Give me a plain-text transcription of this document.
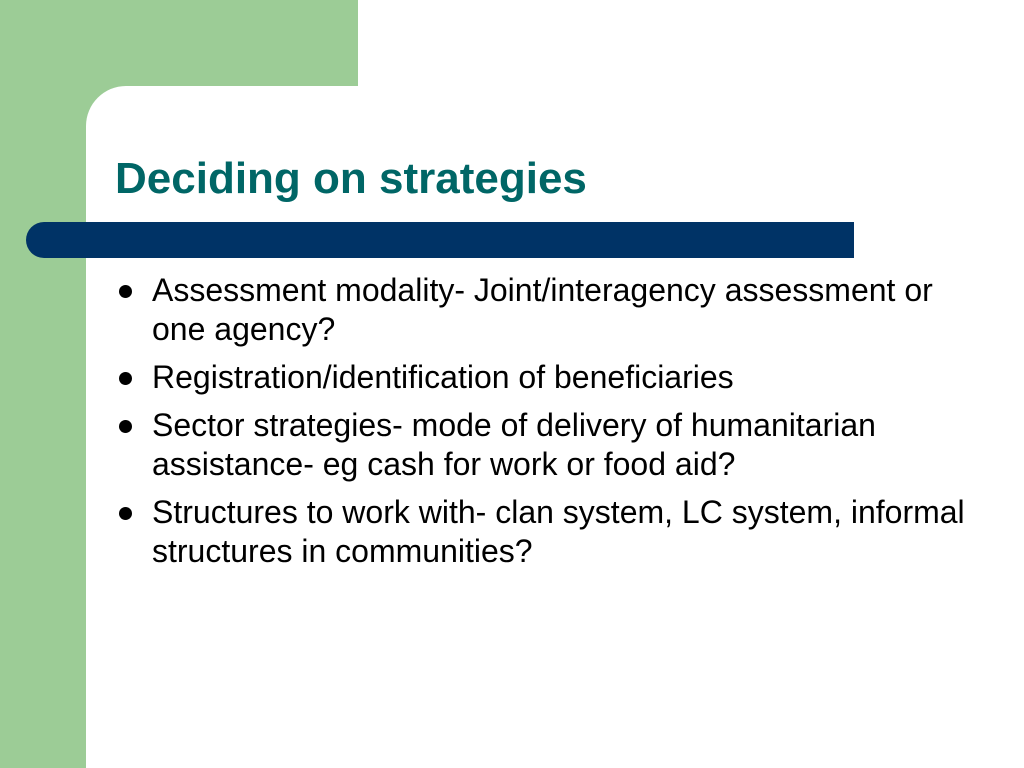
Deciding on strategies
Assessment modality- Joint/interagency assessment or one agency?
Registration/identification of beneficiaries
Sector strategies- mode of delivery of humanitarian assistance- eg cash for work or food aid?
Structures to work with- clan system, LC system, informal structures in communities?
